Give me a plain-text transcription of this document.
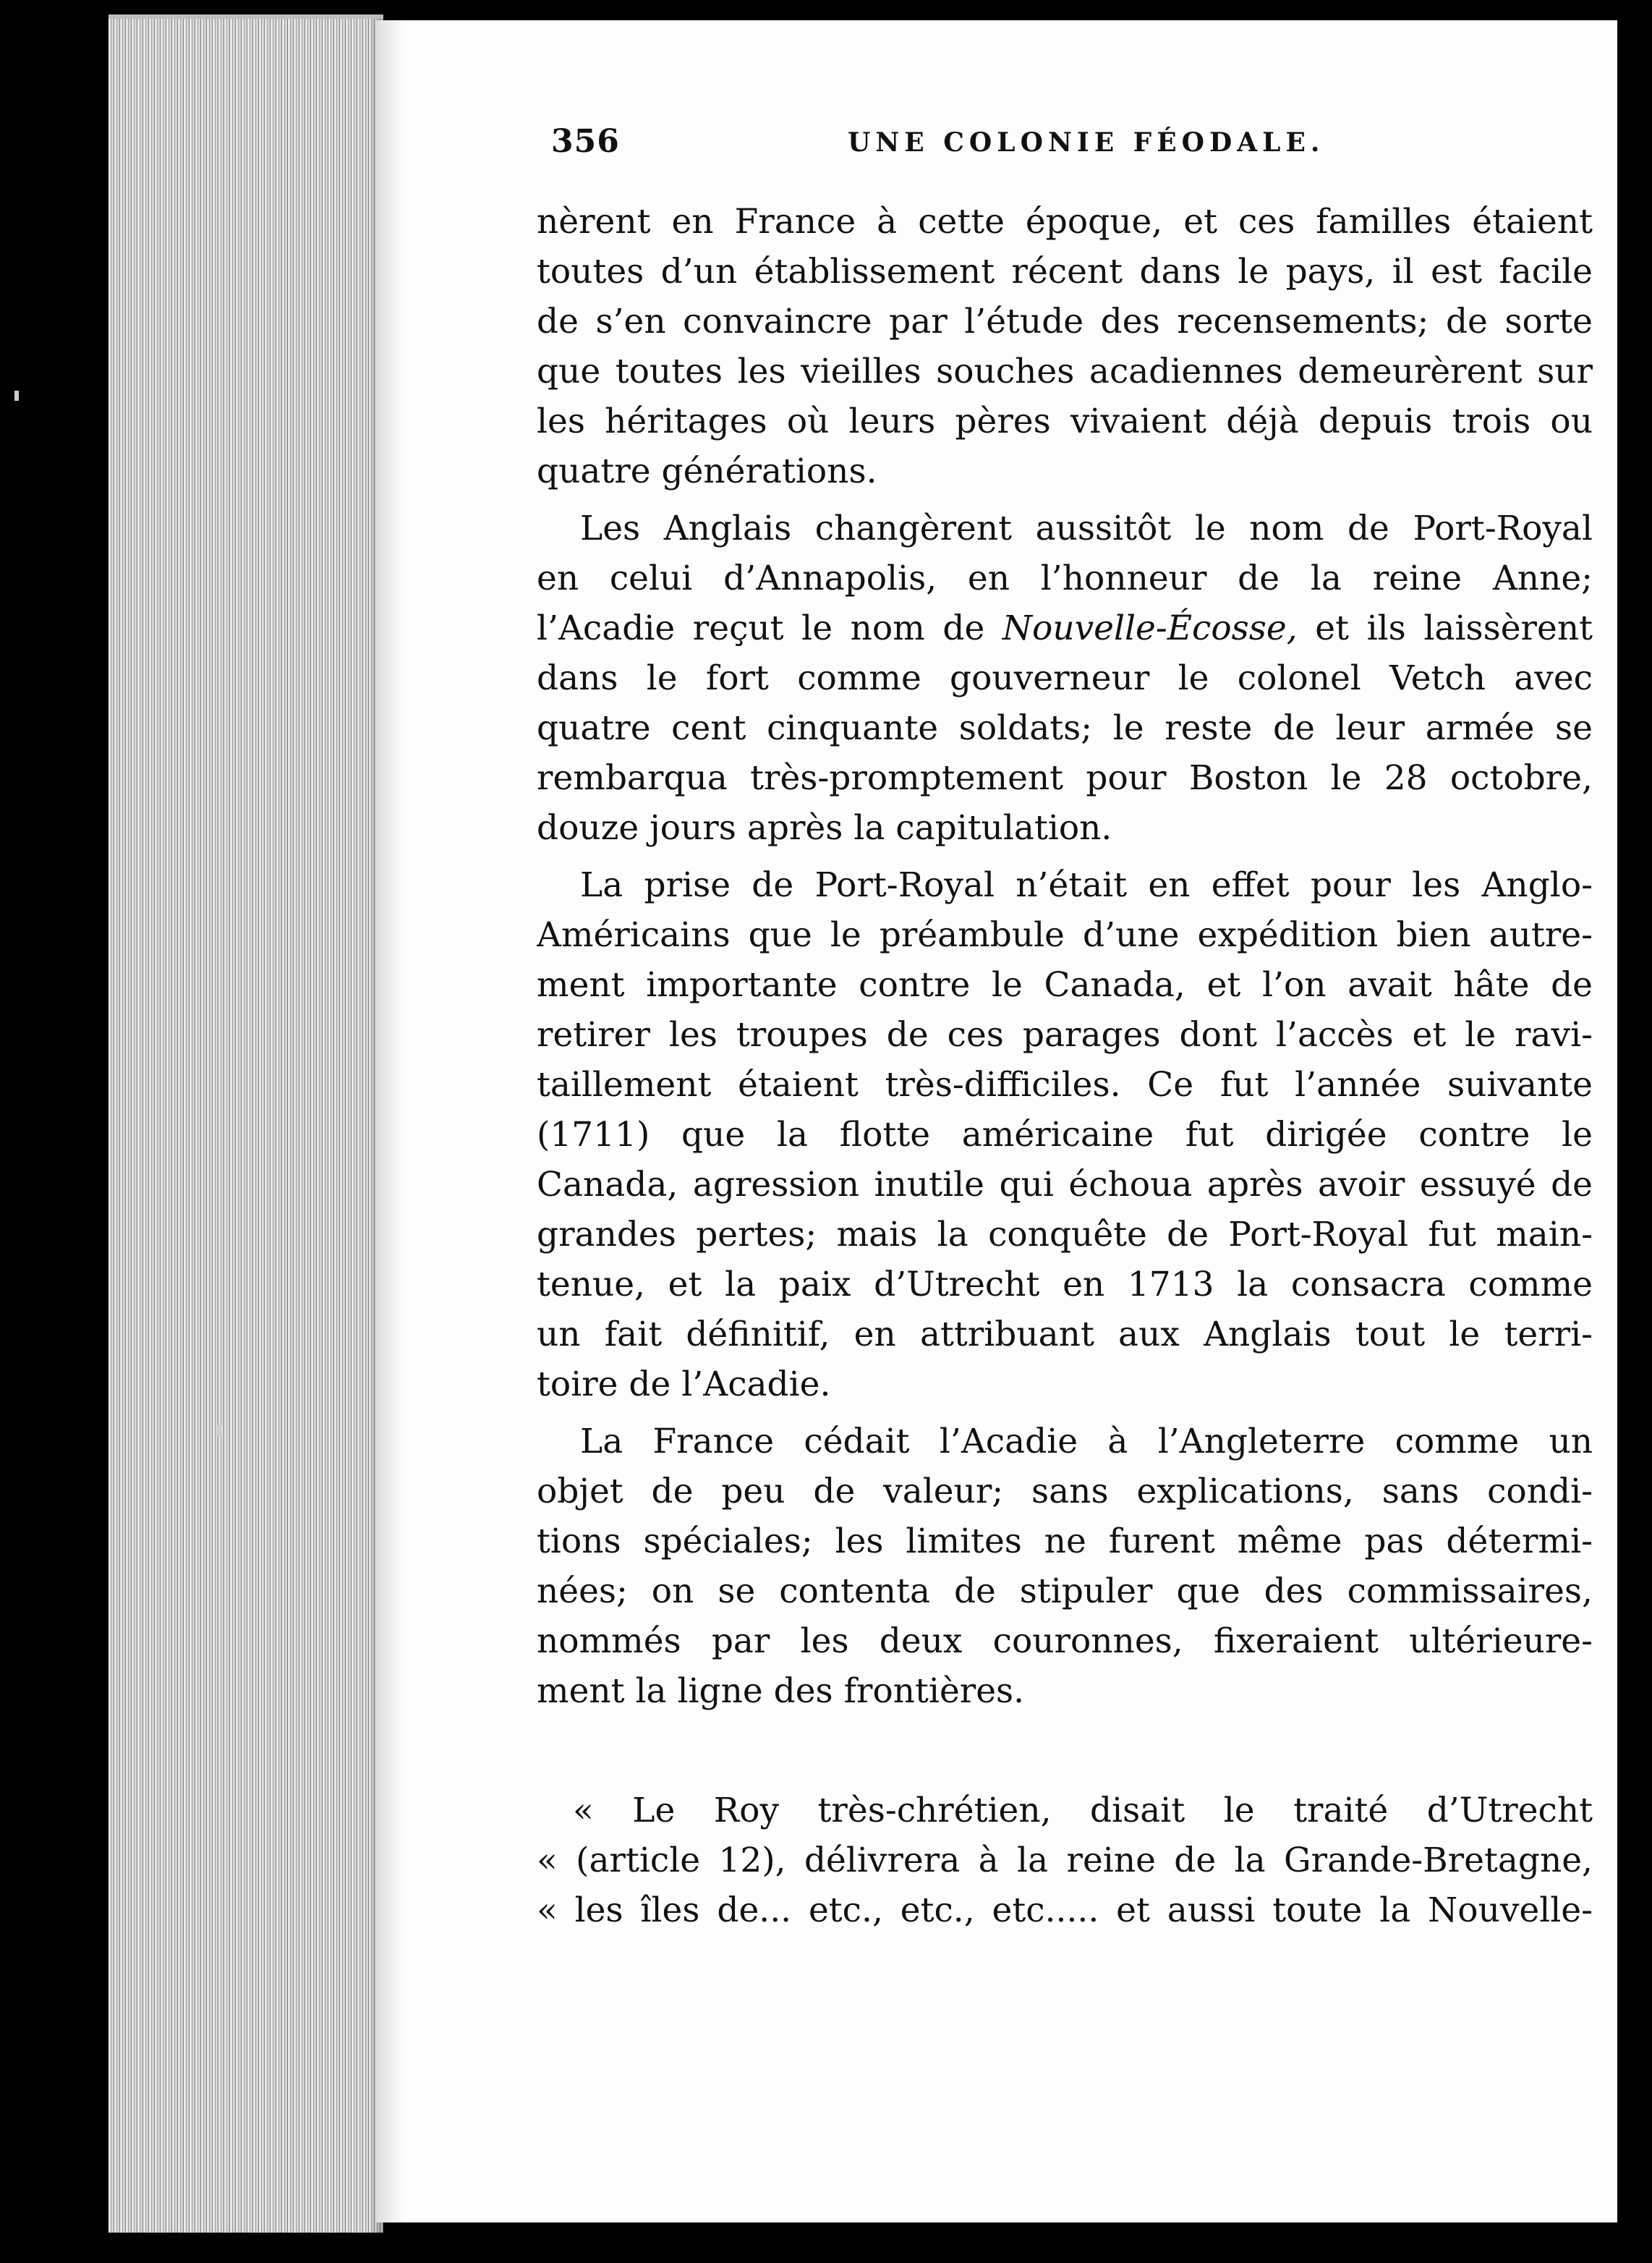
356	UNE COLONIE FÉODALE.
nèrent en France à cette époque, et ces familles étaient
toutes d’un établissement récent dans le pays, il est facile
de s’en convaincre par l’étude des recensements; de sorte
que toutes les vieilles souches acadiennes demeurèrent sur
les héritages où leurs pères vivaient déjà depuis trois ou
quatre générations.
Les Anglais changèrent aussitôt le nom de Port-Royal
en celui d’Annapolis, en l’honneur de la reine Anne;
l’Acadie reçut le nom de Nouvelle-Écosse, et ils laissèrent
dans le fort comme gouverneur le colonel Vetch avec
quatre cent cinquante soldats; le reste de leur armée se
rembarqua très-promptement pour Boston le 28 octobre,
douze jours après la capitulation.
La prise de Port-Royal n’était en effet pour les Anglo-
Américains que le préambule d’une expédition bien autre-
ment importante contre le Canada, et l’on avait hâte de
retirer les troupes de ces parages dont l’accès et le ravi-
taillement étaient très-difficiles. Ce fut l’année suivante
(1711) que la flotte américaine fut dirigée contre le
Canada, agression inutile qui échoua après avoir essuyé de
grandes pertes; mais la conquête de Port-Royal fut main-
tenue, et la paix d’Utrecht en 1713 la consacra comme
un fait définitif, en attribuant aux Anglais tout le terri-
toire de l’Acadie.
La France cédait l’Acadie à l’Angleterre comme un
objet de peu de valeur; sans explications, sans condi-
tions spéciales; les limites ne furent même pas détermi-
nées; on se contenta de stipuler que des commissaires,
nommés par les deux couronnes, fixeraient ultérieure-
ment la ligne des frontières.
« Le Roy très-chrétien, disait le traité d’Utrecht
« (article 12), délivrera à la reine de la Grande-Bretagne,
« les îles de... etc., etc., etc..... et aussi toute la Nouvelle-
